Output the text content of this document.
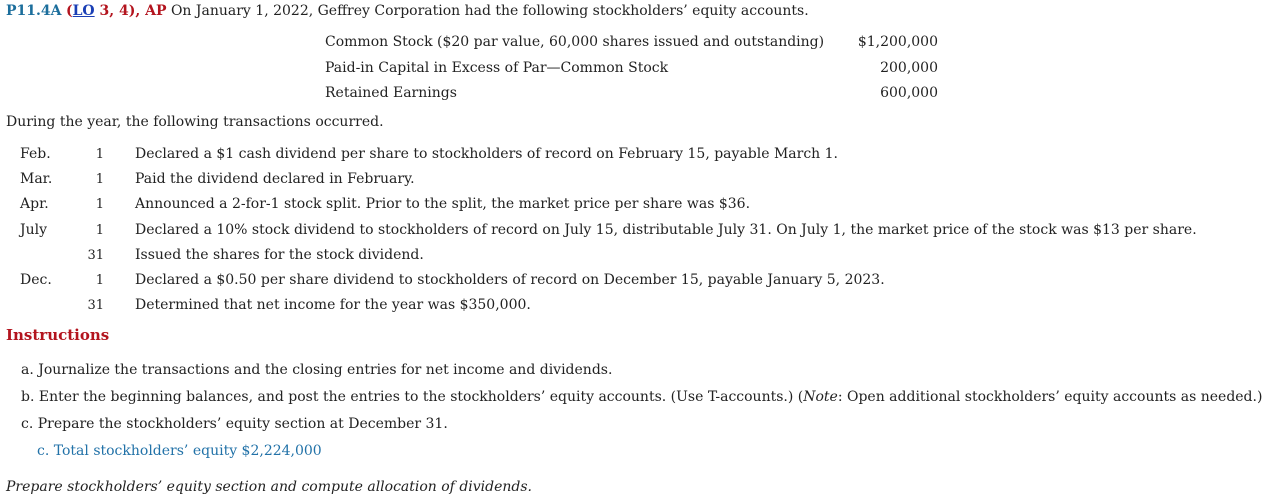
P11.4A (LO 3, 4), AP On January 1, 2022, Geffrey Corporation had the following stockholders’ equity accounts.
Common Stock ($20 par value, 60,000 shares issued and outstanding) $1,200,000
Paid-in Capital in Excess of Par—Common Stock	200,000
Retained Earnings	600,000
During the year, the following transactions occurred.
Feb.	1 Declared a $1 cash dividend per share to stockholders of record on February 15, payable March 1.
Mar.	1 Paid the dividend declared in February.
Apr.	1 Announced a 2-for-1 stock split. Prior to the split, the market price per share was $36.
July	1 Declared a 10% stock dividend to stockholders of record on July 15, distributable July 31. On July 1, the market price of the stock was $13 per share.
31 Issued the shares for the stock dividend.
Dec.	1 Declared a $0.50 per share dividend to stockholders of record on December 15, payable January 5, 2023.
31 Determined that net income for the year was $350,000.
Instructions
a. Journalize the transactions and the closing entries for net income and dividends.
b. Enter the beginning balances, and post the entries to the stockholders’ equity accounts. (Use T-accounts.) (Note: Open additional stockholders’ equity accounts as needed.)
c. Prepare the stockholders’ equity section at December 31.
c. Total stockholders’ equity $2,224,000
Prepare stockholders’ equity section and compute allocation of dividends.
